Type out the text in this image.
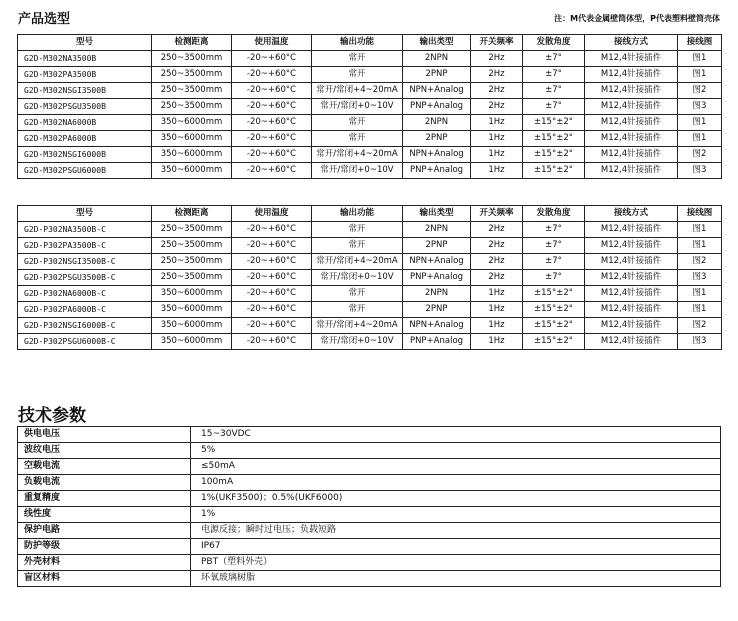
产品选型	注：M代表金属壁筒体型，P代表塑料壁筒壳体
型号	检测距离	使用温度	输出功能	输出类型	开关频率	发散角度	接线方式	接线图
G2D-M302NA3500B	250~3500mm	-20~+60°C	常开	2NPN	2Hz	±7°	M12,4针接插件	图1
G2D-M302PA3500B	250~3500mm	-20~+60°C	常开	2PNP	2Hz	±7°	M12,4针接插件	图1
G2D-M302NSGI3500B	250~3500mm	-20~+60°C	常开/常闭+4~20mA	NPN+Analog	2Hz	±7°	M12,4针接插件	图2
G2D-M302PSGU3500B	250~3500mm	-20~+60°C	常开/常闭+0~10V	PNP+Analog	2Hz	±7°	M12,4针接插件	图3
G2D-M302NA6000B	350~6000mm	-20~+60°C	常开	2NPN	1Hz	±15°±2°	M12,4针接插件	图1
G2D-M302PA6000B	350~6000mm	-20~+60°C	常开	2PNP	1Hz	±15°±2°	M12,4针接插件	图1
G2D-M302NSGI6000B	350~6000mm	-20~+60°C	常开/常闭+4~20mA	NPN+Analog	1Hz	±15°±2°	M12,4针接插件	图2
G2D-M302PSGU6000B	350~6000mm	-20~+60°C	常开/常闭+0~10V	PNP+Analog	1Hz	±15°±2°	M12,4针接插件	图3
型号	检测距离	使用温度	输出功能	输出类型	开关频率	发散角度	接线方式	接线图
G2D-P302NA3500B-C	250~3500mm	-20~+60°C	常开	2NPN	2Hz	±7°	M12,4针接插件	图1
G2D-P302PA3500B-C	250~3500mm	-20~+60°C	常开	2PNP	2Hz	±7°	M12,4针接插件	图1
G2D-P302NSGI3500B-C	250~3500mm	-20~+60°C	常开/常闭+4~20mA	NPN+Analog	2Hz	±7°	M12,4针接插件	图2
G2D-P302PSGU3500B-C	250~3500mm	-20~+60°C	常开/常闭+0~10V	PNP+Analog	2Hz	±7°	M12,4针接插件	图3
G2D-P302NA6000B-C	350~6000mm	-20~+60°C	常开	2NPN	1Hz	±15°±2°	M12,4针接插件	图1
G2D-P302PA6000B-C	350~6000mm	-20~+60°C	常开	2PNP	1Hz	±15°±2°	M12,4针接插件	图1
G2D-P302NSGI6000B-C	350~6000mm	-20~+60°C	常开/常闭+4~20mA	NPN+Analog	1Hz	±15°±2°	M12,4针接插件	图2
G2D-P302PSGU6000B-C	350~6000mm	-20~+60°C	常开/常闭+0~10V	PNP+Analog	1Hz	±15°±2°	M12,4针接插件	图3
技术参数
供电电压	15~30VDC
波纹电压	5%
空载电流	≤50mA
负载电流	100mA
重复精度	1%(UKF3500)；0.5%(UKF6000)
线性度	1%
保护电路	电源反接；瞬时过电压；负载短路
防护等级	IP67
外壳材料	PBT（塑料外壳）
盲区材料	环氧玻璃树脂
